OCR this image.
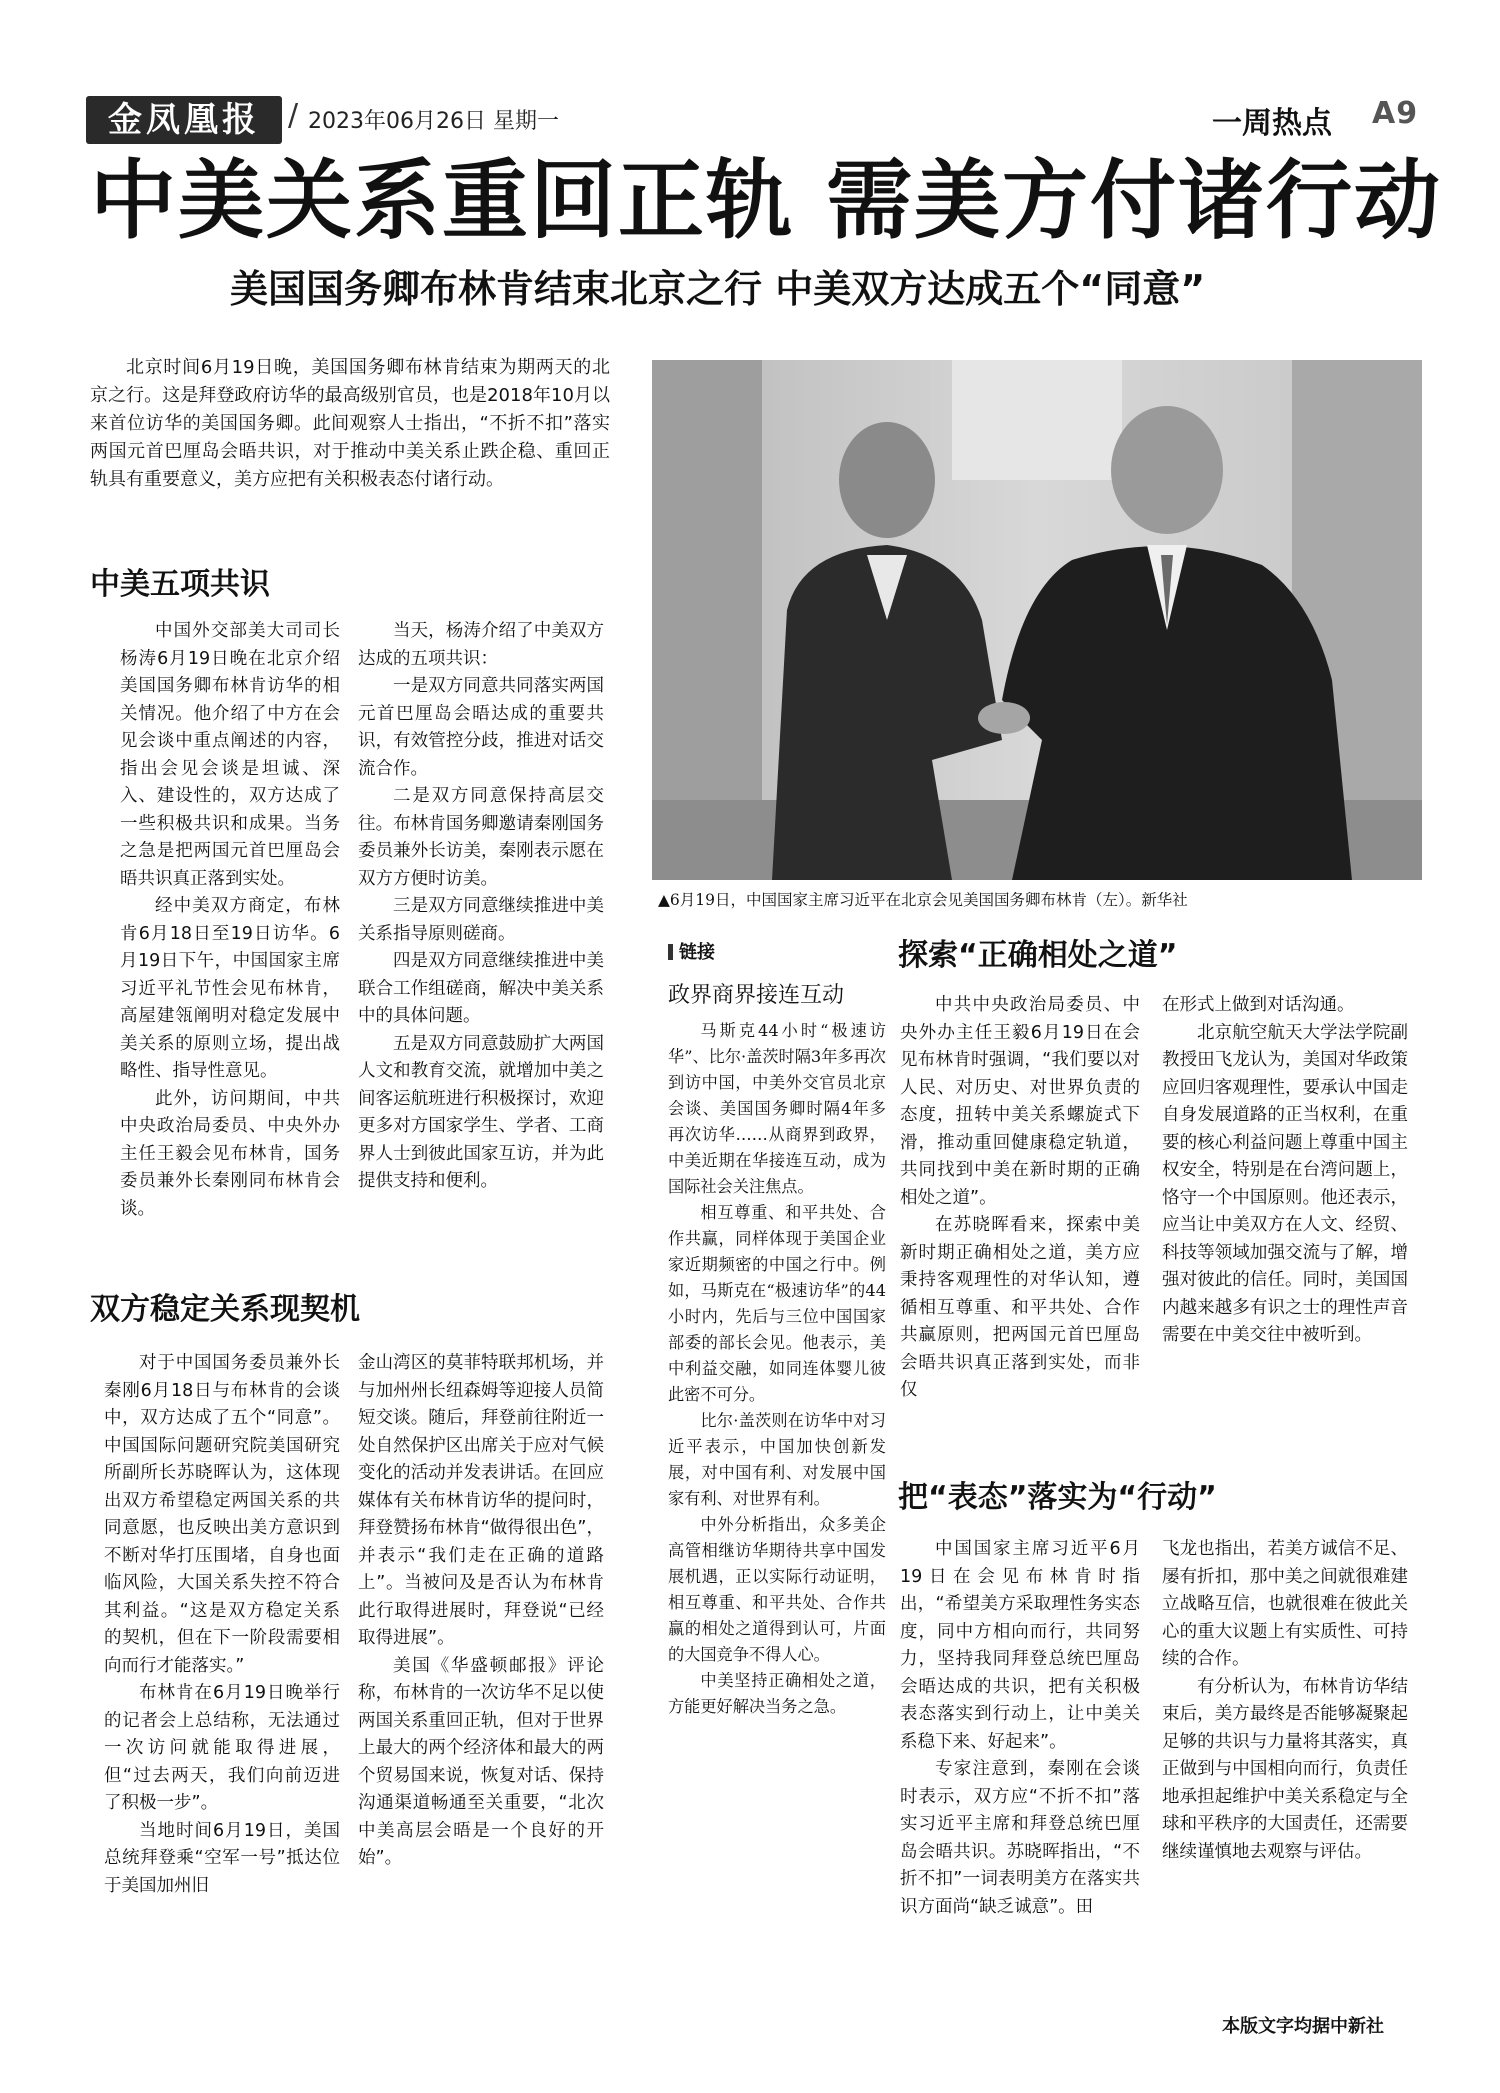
金凤凰报 / 2023年06月26日 星期一	一周热点 A9
中美关系重回正轨 需美方付诸行动
美国国务卿布林肯结束北京之行 中美双方达成五个“同意”
北京时间6月19日晚，美国国务卿布林肯结束为期两天的北京之行。这是拜登政府访华的最高级别官员，也是2018年10月以来首位访华的美国国务卿。此间观察人士指出，“不折不扣”落实两国元首巴厘岛会晤共识，对于推动中美关系止跌企稳、重回正轨具有重要意义，美方应把有关积极表态付诸行动。
中美五项共识

中国外交部美大司司长杨涛6月19日晚在北京介绍美国国务卿布林肯访华的相关情况。他介绍了中方在会见会谈中重点阐述的内容，指出会见会谈是坦诚、深入、建设性的，双方达成了一些积极共识和成果。当务之急是把两国元首巴厘岛会晤共识真正落到实处。

经中美双方商定，布林肯6月18日至19日访华。6月19日下午，中国国家主席习近平礼节性会见布林肯，高屋建瓴阐明对稳定发展中美关系的原则立场，提出战略性、指导性意见。

此外，访问期间，中共中央政治局委员、中央外办主任王毅会见布林肯，国务委员兼外长秦刚同布林肯会谈。

当天，杨涛介绍了中美双方达成的五项共识：

一是双方同意共同落实两国元首巴厘岛会晤达成的重要共识，有效管控分歧，推进对话交流合作。

二是双方同意保持高层交往。布林肯国务卿邀请秦刚国务委员兼外长访美，秦刚表示愿在双方方便时访美。

三是双方同意继续推进中美关系指导原则磋商。

四是双方同意继续推进中美联合工作组磋商，解决中美关系中的具体问题。

五是双方同意鼓励扩大两国人文和教育交流，就增加中美之间客运航班进行积极探讨，欢迎更多对方国家学生、学者、工商界人士到彼此国家互访，并为此提供支持和便利。

双方稳定关系现契机

对于中国国务委员兼外长秦刚6月18日与布林肯的会谈中，双方达成了五个“同意”。中国国际问题研究院美国研究所副所长苏晓晖认为，这体现出双方希望稳定两国关系的共同意愿，也反映出美方意识到不断对华打压围堵，自身也面临风险，大国关系失控不符合其利益。“这是双方稳定关系的契机，但在下一阶段需要相向而行才能落实。”

布林肯在6月19日晚举行的记者会上总结称，无法通过一次访问就能取得进展，但“过去两天，我们向前迈进了积极一步”。

当地时间6月19日，美国总统拜登乘“空军一号”抵达位于美国加州旧

金山湾区的莫菲特联邦机场，并与加州州长纽森姆等迎接人员简短交谈。随后，拜登前往附近一处自然保护区出席关于应对气候变化的活动并发表讲话。在回应媒体有关布林肯访华的提问时，拜登赞扬布林肯“做得很出色”，并表示“我们走在正确的道路上”。当被问及是否认为布林肯此行取得进展时，拜登说“已经取得进展”。

美国《华盛顿邮报》评论称，布林肯的一次访华不足以使两国关系重回正轨，但对于世界上最大的两个经济体和最大的两个贸易国来说，恢复对话、保持沟通渠道畅通至关重要，“北次中美高层会晤是一个良好的开始”。

▲6月19日，中国国家主席习近平在北京会见美国国务卿布林肯（左）。新华社
链接
政界商界接连互动

马斯克44小时“极速访华”、比尔·盖茨时隔3年多再次到访中国，中美外交官员北京会谈、美国国务卿时隔4年多再次访华……从商界到政界，中美近期在华接连互动，成为国际社会关注焦点。

相互尊重、和平共处、合作共赢，同样体现于美国企业家近期频密的中国之行中。例如，马斯克在“极速访华”的44小时内，先后与三位中国国家部委的部长会见。他表示，美中利益交融，如同连体婴儿彼此密不可分。

比尔·盖茨则在访华中对习近平表示，中国加快创新发展，对中国有利、对发展中国家有利、对世界有利。

中外分析指出，众多美企高管相继访华期待共享中国发展机遇，正以实际行动证明，相互尊重、和平共处、合作共赢的相处之道得到认可，片面的大国竞争不得人心。

中美坚持正确相处之道，方能更好解决当务之急。

探索“正确相处之道”

中共中央政治局委员、中央外办主任王毅6月19日在会见布林肯时强调，“我们要以对人民、对历史、对世界负责的态度，扭转中美关系螺旋式下滑，推动重回健康稳定轨道，共同找到中美在新时期的正确相处之道”。

在苏晓晖看来，探索中美新时期正确相处之道，美方应秉持客观理性的对华认知，遵循相互尊重、和平共处、合作共赢原则，把两国元首巴厘岛会晤共识真正落到实处，而非仅

在形式上做到对话沟通。

北京航空航天大学法学院副教授田飞龙认为，美国对华政策应回归客观理性，要承认中国走自身发展道路的正当权利，在重要的核心利益问题上尊重中国主权安全，特别是在台湾问题上，恪守一个中国原则。他还表示，应当让中美双方在人文、经贸、科技等领域加强交流与了解，增强对彼此的信任。同时，美国国内越来越多有识之士的理性声音需要在中美交往中被听到。

把“表态”落实为“行动”

中国国家主席习近平6月19日在会见布林肯时指出，“希望美方采取理性务实态度，同中方相向而行，共同努力，坚持我同拜登总统巴厘岛会晤达成的共识，把有关积极表态落实到行动上，让中美关系稳下来、好起来”。

专家注意到，秦刚在会谈时表示，双方应“不折不扣”落实习近平主席和拜登总统巴厘岛会晤共识。苏晓晖指出，“不折不扣”一词表明美方在落实共识方面尚“缺乏诚意”。田

飞龙也指出，若美方诚信不足、屡有折扣，那中美之间就很难建立战略互信，也就很难在彼此关心的重大议题上有实质性、可持续的合作。

有分析认为，布林肯访华结束后，美方最终是否能够凝聚起足够的共识与力量将其落实，真正做到与中国相向而行，负责任地承担起维护中美关系稳定与全球和平秩序的大国责任，还需要继续谨慎地去观察与评估。

本版文字均据中新社
